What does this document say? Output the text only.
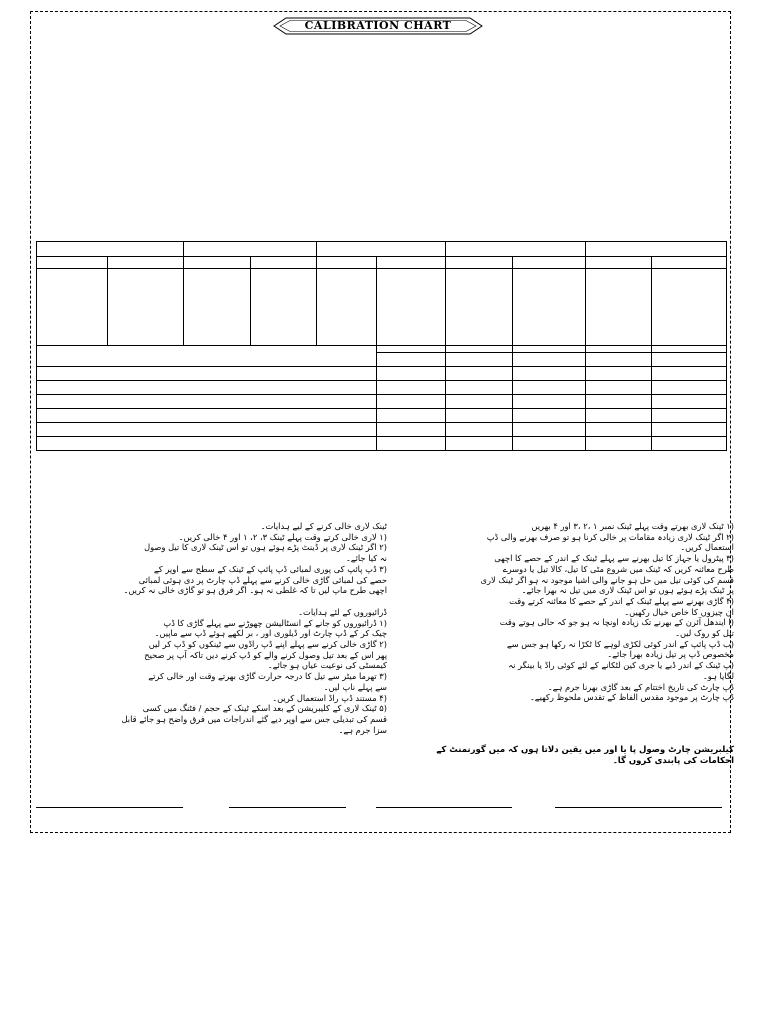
CALIBRATION CHART

(۱ ٹینک لاری بھرتے وقت پہلے ٹینک نمبر ۱ ،۲ ،۳ اور ۴ بھریں

(۲ اگر ٹینک لاری زیادہ مقامات پر خالی کرنا ہو تو صرف بھرنے والی ڈپ

استعمال کریں۔

(۳ پیٹرول یا جہاز کا تیل بھرنے سے پہلے ٹینک کے اندر کے حصے کا اچھی

طرح معائنہ کریں کہ ٹینک میں شروع مٹی کا تیل، کالا تیل یا دوسرے

قسم کی کوئی تیل میں حل ہو جانے والی اشیا موجود نہ ہو اگر ٹینک لاری

پر ٹینک پڑے ہوئے ہوں تو اس ٹینک لاری میں تیل نہ بھرا جائے۔

(۴ گاڑی بھرنے سے پہلے ٹینک کے اندر کے حصے کا معائنہ کرتے وقت

ان چیزوں کا خاص خیال رکھیں۔

(ا ایندھل آئرن کے بھرنے تک زیادہ اونچا نہ ہو جو کہ حالی ہوتے وقت

تیل کو روک لیں۔

(ب ڈپ پائپ کے اندر کوئی لکڑی لوہے کا ٹکڑا نہ رکھا ہو جس سے

مخصوص ڈپ پر تیل زیادہ بھرا جائے۔

(پ ٹینک کے اندر ڈبے یا جری کین لٹکانے کے لئے کوئی راڈ یا بینگر نہ

لگایا ہو۔

ڈپ چارٹ کی تاریخ اختتام کے بعد گاڑی بھرنا جرم ہے۔

ڈپ چارٹ پر موجود مقدس الفاظ کے تقدس ملحوظ رکھیے۔

کیلبریشن چارٹ وصول پا یا اور میں یقین دلاتا ہوں کہ میں گورنمنٹ کے

احکامات کی پابندی کروں گا۔

ٹینک لاری خالی کرنے کے لیے ہدایات۔

(۱ لاری خالی کرتے وقت پہلے ٹینک ۳، ۲، ۱ اور ۴ خالی کریں۔

(۲ اگر ٹینک لاری پر ڈینٹ پڑے ہوئے ہوں تو اس ٹینک لاری کا تیل وصول

نہ کیا جائے۔

(۳ ڈپ پائپ کی پوری لمبائی ڈپ پائپ کے ٹینک کے سطح سے اوپر کے

حصے کی لمبائی گاڑی خالی کرنے سے پہلے ڈپ چارٹ پر دی ہوئی لمبائی

اچھی طرح ماپ لیں تا کہ غلطی نہ ہو۔ اگر فرق ہو تو گاڑی خالی نہ کریں۔

ڈرائیوروں کے لئے ہدایات۔

(۱ ڈرائیوروں کو جانے کے انسٹالیشن چھوڑنے سے پہلے گاڑی کا ڈپ

چیک کر کے ڈپ چارٹ اور ڈیلوری اور ، بر لکھے ہوئے ڈپ سے ماپیں۔

(۲ گاڑی خالی کرنے سے پہلے اپنے ڈپ راڈوں سے ٹینکوں کو ڈپ کر لیں

پھر اس کے بعد تیل وصول کرنے والے کو ڈپ کرنے دیں تاکہ آپ پر صحیح

کیمسٹی کی نوعیت عیاں ہو جائے۔

(۳ تھرما میٹر سے تیل کا درجہ حرارت گاڑی بھرتے وقت اور خالی کرتے

سے پہلے ناپ لیں۔

(۴ مستند ڈپ راڈ استعمال کریں۔

(۵ ٹینک لاری کے کلیبریشن کے بعد اسکے ٹینک کے حجم / فٹنگ میں کسی

قسم کی تبدیلی جس سے اوپر دیے گئے اندراجات میں فرق واضح ہو جائے قابل

سزا جرم ہے۔
